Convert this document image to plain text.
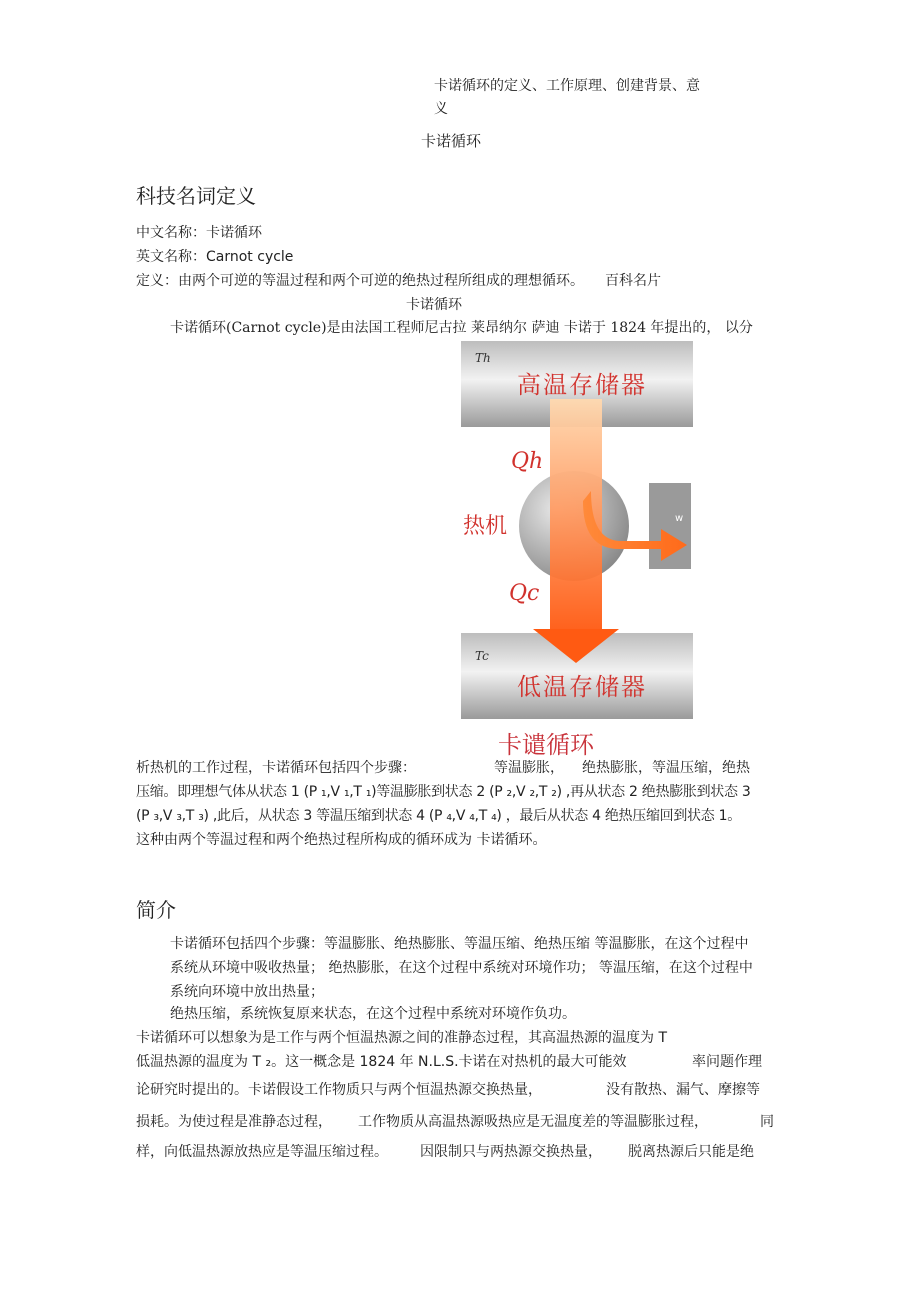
卡诺循环的定义、工作原理、创建背景、意
义
卡诺循环
科技名词定义
中文名称：卡诺循环
英文名称：Carnot cycle
定义：由两个可逆的等温过程和两个可逆的绝热过程所组成的理想循环。 百科名片
卡诺循环
卡诺循环(Carnot cycle)是由法国工程师尼古拉 莱昂纳尔 萨迪 卡诺于 1824 年提出的， 以分
Th
高温存储器
Tc
低温存储器
Qh
热机	w
Qc
卡谴循环
析热机的工作过程，卡诺循环包括四个步骤：	等温膨胀， 绝热膨胀，等温压缩，绝热
压缩。即理想气体从状态 1 (P ₁,V ₁,T ₁)等温膨胀到状态 2 (P ₂,V ₂,T ₂) ,再从状态 2 绝热膨胀到状态 3
(P ₃,V ₃,T ₃) ,此后，从状态 3 等温压缩到状态 4 (P ₄,V ₄,T ₄) ，最后从状态 4 绝热压缩回到状态 1。
这种由两个等温过程和两个绝热过程所构成的循环成为 卡诺循环。
简介
卡诺循环包括四个步骤：等温膨胀、绝热膨胀、等温压缩、绝热压缩 等温膨胀，在这个过程中
系统从环境中吸收热量； 绝热膨胀，在这个过程中系统对环境作功； 等温压缩，在这个过程中
系统向环境中放出热量；
绝热压缩，系统恢复原来状态，在这个过程中系统对环境作负功。
卡诺循环可以想象为是工作与两个恒温热源之间的准静态过程，其高温热源的温度为 T
低温热源的温度为 T ₂。这一概念是 1824 年 N.L.S.卡诺在对热机的最大可能效	率问题作理
论研究时提出的。卡诺假设工作物质只与两个恒温热源交换热量，	没有散热、漏气、摩擦等
损耗。为使过程是准静态过程， 工作物质从高温热源吸热应是无温度差的等温膨胀过程，	同
样，向低温热源放热应是等温压缩过程。 因限制只与两热源交换热量， 脱离热源后只能是绝
